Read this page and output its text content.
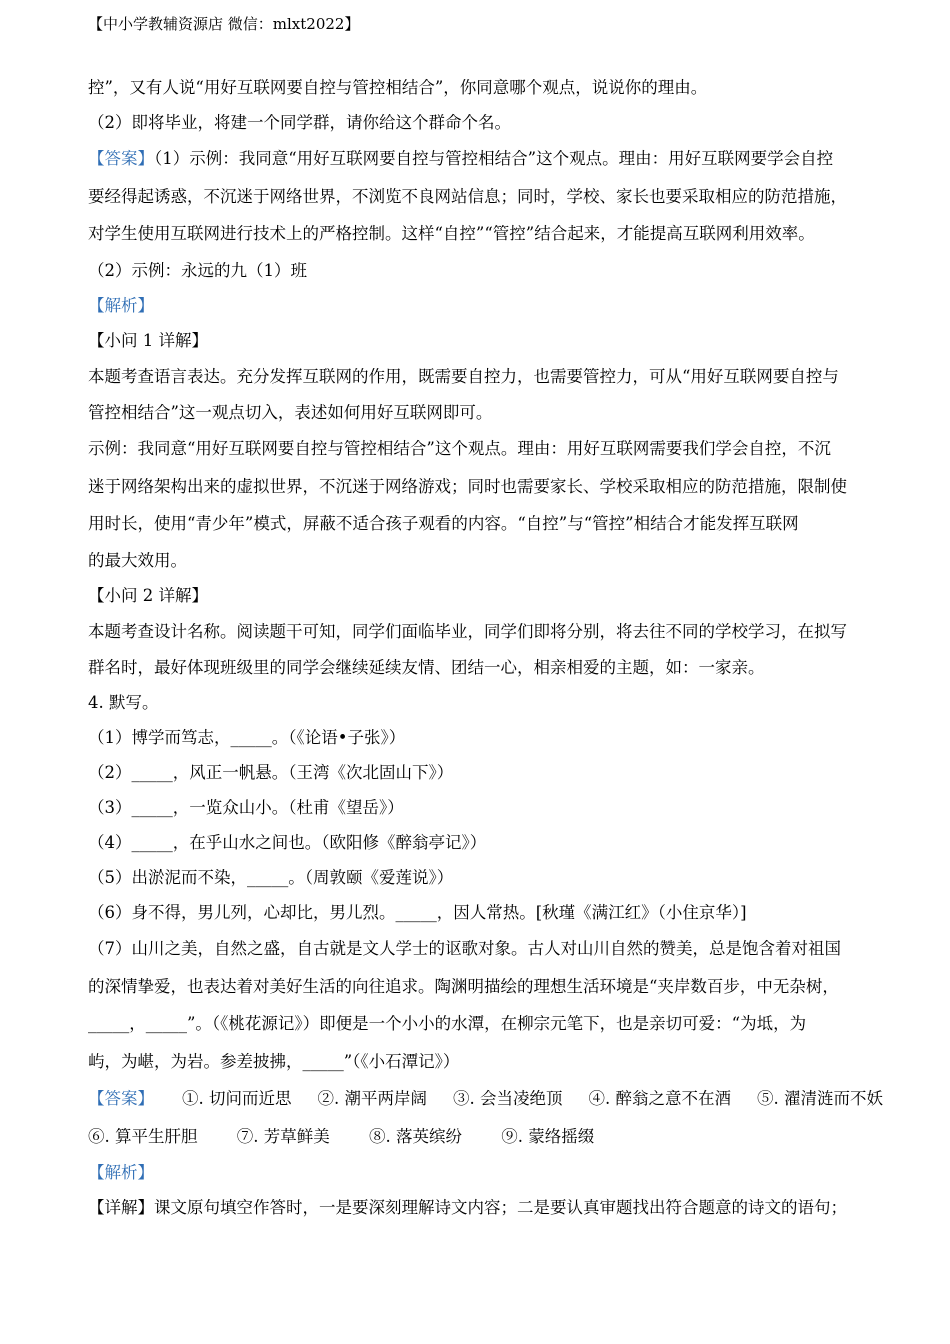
【中小学教辅资源店 微信：mlxt2022】

控”，又有人说“用好互联网要自控与管控相结合”，你同意哪个观点，说说你的理由。

（2）即将毕业，将建一个同学群，请你给这个群命个名。

【答案】（1）示例：我同意“用好互联网要自控与管控相结合”这个观点。理由：用好互联网要学会自控

要经得起诱惑，不沉迷于网络世界，不浏览不良网站信息；同时，学校、家长也要采取相应的防范措施，

对学生使用互联网进行技术上的严格控制。这样“自控”“管控”结合起来，才能提高互联网利用效率。

（2）示例：永远的九（1）班

【解析】

【小问 1 详解】

本题考查语言表达。充分发挥互联网的作用，既需要自控力，也需要管控力，可从“用好互联网要自控与

管控相结合”这一观点切入，表述如何用好互联网即可。

示例：我同意“用好互联网要自控与管控相结合”这个观点。理由：用好互联网需要我们学会自控，不沉

迷于网络架构出来的虚拟世界，不沉迷于网络游戏；同时也需要家长、学校采取相应的防范措施，限制使

用时长，使用“青少年”模式，屏蔽不适合孩子观看的内容。“自控”与“管控”相结合才能发挥互联网

的最大效用。

【小问 2 详解】

本题考查设计名称。阅读题干可知，同学们面临毕业，同学们即将分别，将去往不同的学校学习，在拟写

群名时，最好体现班级里的同学会继续延续友情、团结一心，相亲相爱的主题，如：一家亲。

4. 默写。

（1）博学而笃志，_____。（《论语•子张》）

（2）_____，风正一帆悬。（王湾《次北固山下》）

（3）_____，一览众山小。（杜甫《望岳》）

（4）_____，在乎山水之间也。（欧阳修《醉翁亭记》）

（5）出淤泥而不染，_____。（周敦颐《爱莲说》）

（6）身不得，男儿列，心却比，男儿烈。_____，因人常热。[秋瑾《满江红》（小住京华）]

（7）山川之美，自然之盛，自古就是文人学士的讴歌对象。古人对山川自然的赞美，总是饱含着对祖国

的深情挚爱，也表达着对美好生活的向往追求。陶渊明描绘的理想生活环境是“夹岸数百步，中无杂树，

_____，_____”。（《桃花源记》）即便是一个小小的水潭，在柳宗元笔下，也是亲切可爱：“为坻，为

屿，为嵁，为岩。参差披拂，_____”（《小石潭记》）

【答案】	①. 切问而近思 ②. 潮平两岸阔 ③. 会当凌绝顶 ④. 醉翁之意不在酒 ⑤. 濯清涟而不妖
⑥. 算平生肝胆 ⑦. 芳草鲜美 ⑧. 落英缤纷 ⑨. 蒙络摇缀

【解析】

【详解】课文原句填空作答时，一是要深刻理解诗文内容；二是要认真审题找出符合题意的诗文的语句；
